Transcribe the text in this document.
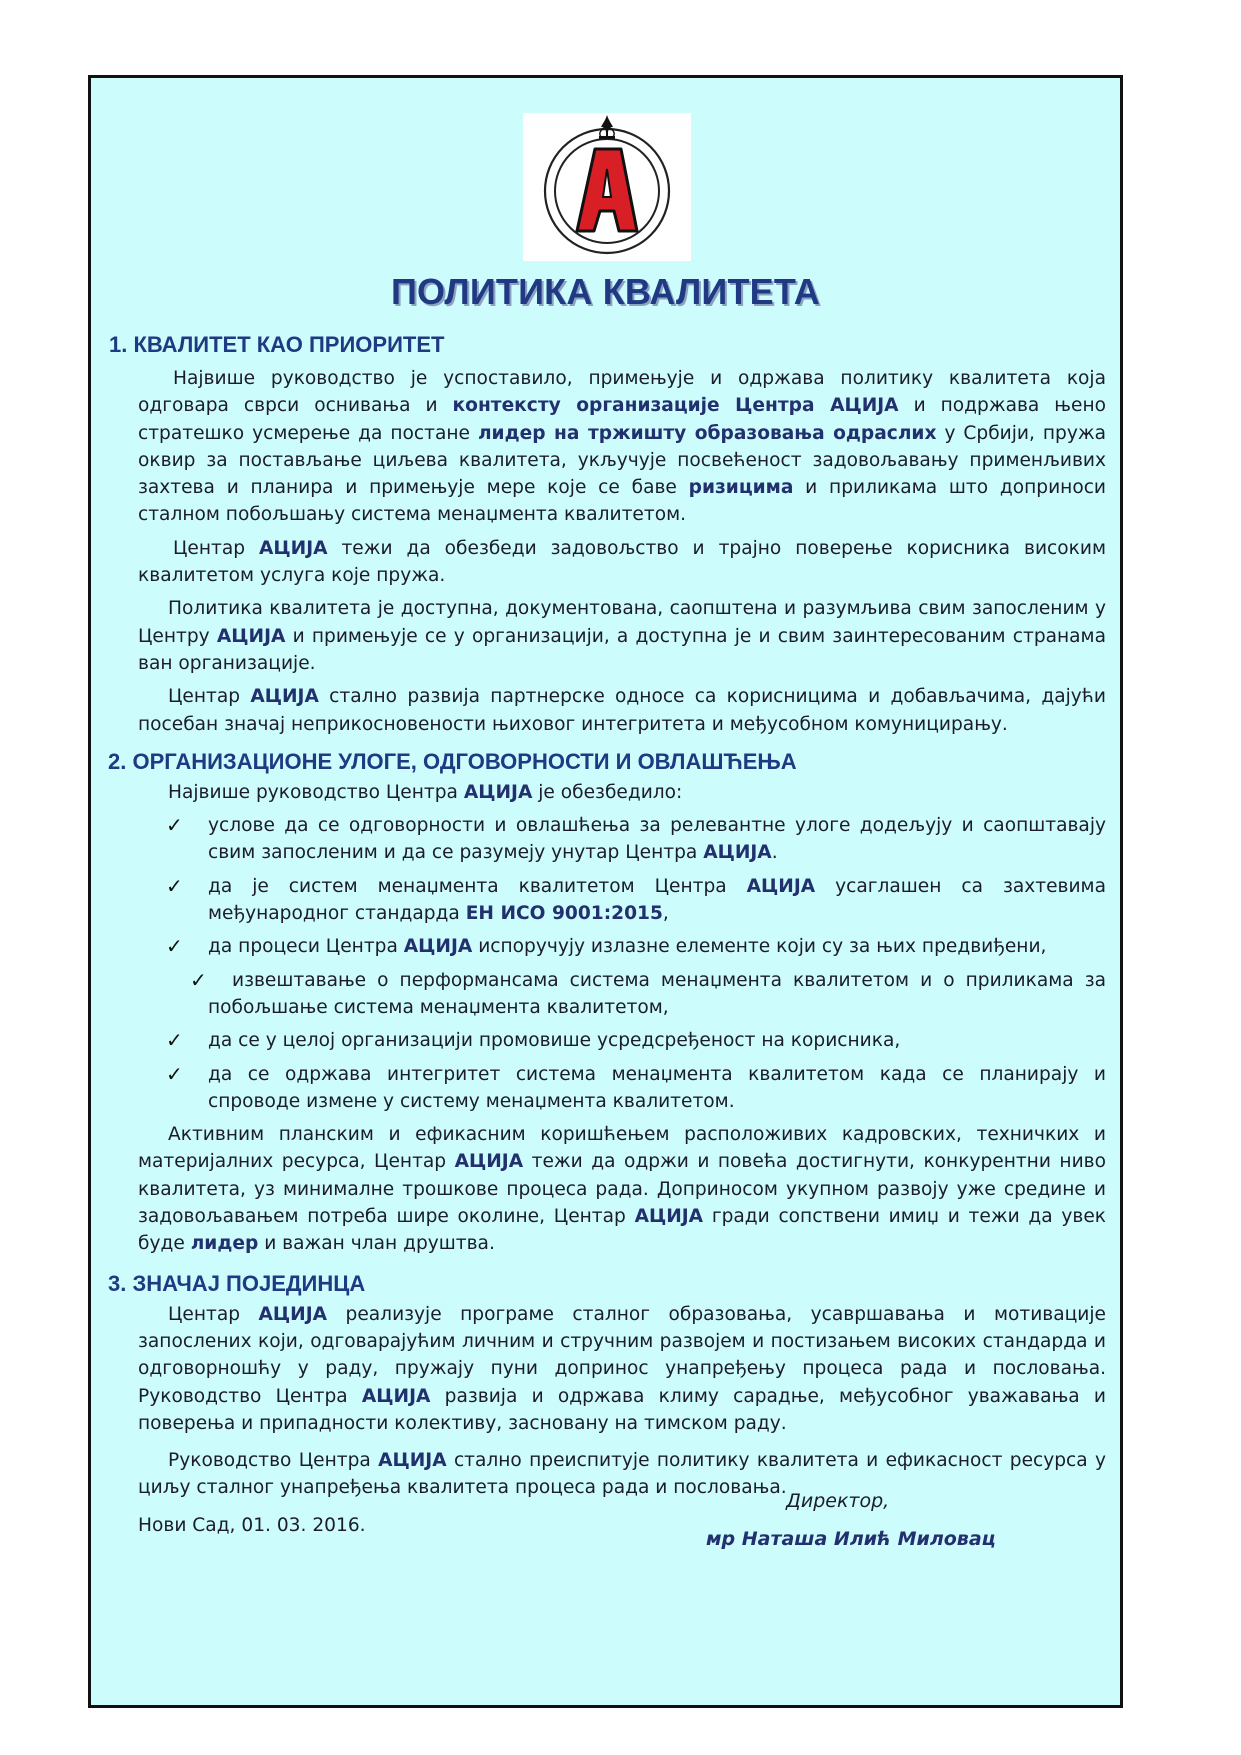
ПОЛИТИКА КВАЛИТЕТА
1. КВАЛИТЕТ КАО ПРИОРИТЕТ
Највише руководство је успоставило, примењује и одржава политику квалитета која одговара сврси оснивања и контексту организације Центра АЦИЈА и подржава њено стратешко усмерење да постане лидер на тржишту образовања одраслих у Србији, пружа оквир за постављање циљева квалитета, укључује посвећеност задовољавању применљивих захтева и планира и примењује мере које се баве ризицима и приликама што доприноси сталном побољшању система менаџмента квалитетом.
Центар АЦИЈА тежи да обезбеди задовољство и трајно поверење корисника високим квалитетом услуга које пружа.
Политика квалитета је доступна, документована, саопштена и разумљива свим запосленим у Центру АЦИЈА и примењује се у организацији, а доступна је и свим заинтересованим странама ван организације.
Центар АЦИЈА стално развија партнерске односе са корисницима и добављачима, дајући посебан значај неприкосновености њиховог интегритета и међусобном комуницирању.
2. ОРГАНИЗАЦИОНЕ УЛОГЕ, ОДГОВОРНОСТИ И ОВЛАШЋЕЊА
Највише руководство Центра АЦИЈА је обезбедило:
✓ услове да се одговорности и овлашћења за релевантне улоге додељују и саопштавају свим запосленим и да се разумеју унутар Центра АЦИЈА.
✓ да је систем менаџмента квалитетом Центра АЦИЈА усаглашен са захтевима међународног стандарда ЕН ИСО 9001:2015,
✓ да процеси Центра АЦИЈА испоручују излазне елементе који су за њих предвиђени,
✓	извештавање о перформансама система менаџмента квалитетом и о приликама за побољшање система менаџмента квалитетом,
✓ да се у целој организацији промовише усредсређеност на корисника,
✓ да се одржава интегритет система менаџмента квалитетом када се планирају и спроводе измене у систему менаџмента квалитетом.
Активним планским и ефикасним коришћењем расположивих кадровских, техничких и материјалних ресурса, Центар АЦИЈА тежи да одржи и повећа достигнути, конкурентни ниво квалитета, уз минималне трошкове процеса рада. Доприносом укупном развоју уже средине и задовољавањем потреба шире околине, Центар АЦИЈА гради сопствени имиџ и тежи да увек буде лидер и важан члан друштва.
3. ЗНАЧАЈ ПОЈЕДИНЦА
Центар АЦИЈА реализује програме сталног образовања, усавршавања и мотивације запослених који, одговарајућим личним и стручним развојем и постизањем високих стандарда и одговорношћу у раду, пружају пуни допринос унапређењу процеса рада и пословања. Руководство Центра АЦИЈА развија и одржава климу сарадње, међусобног уважавања и поверења и припадности колективу, засновану на тимском раду.
Руководство Центра АЦИЈА стално преиспитује политику квалитета и ефикасност ресурса у циљу сталног унапређења квалитета процеса рада и пословања.
Нови Сад, 01. 03. 2016.
Директор,
мр Наташа Илић Миловац
